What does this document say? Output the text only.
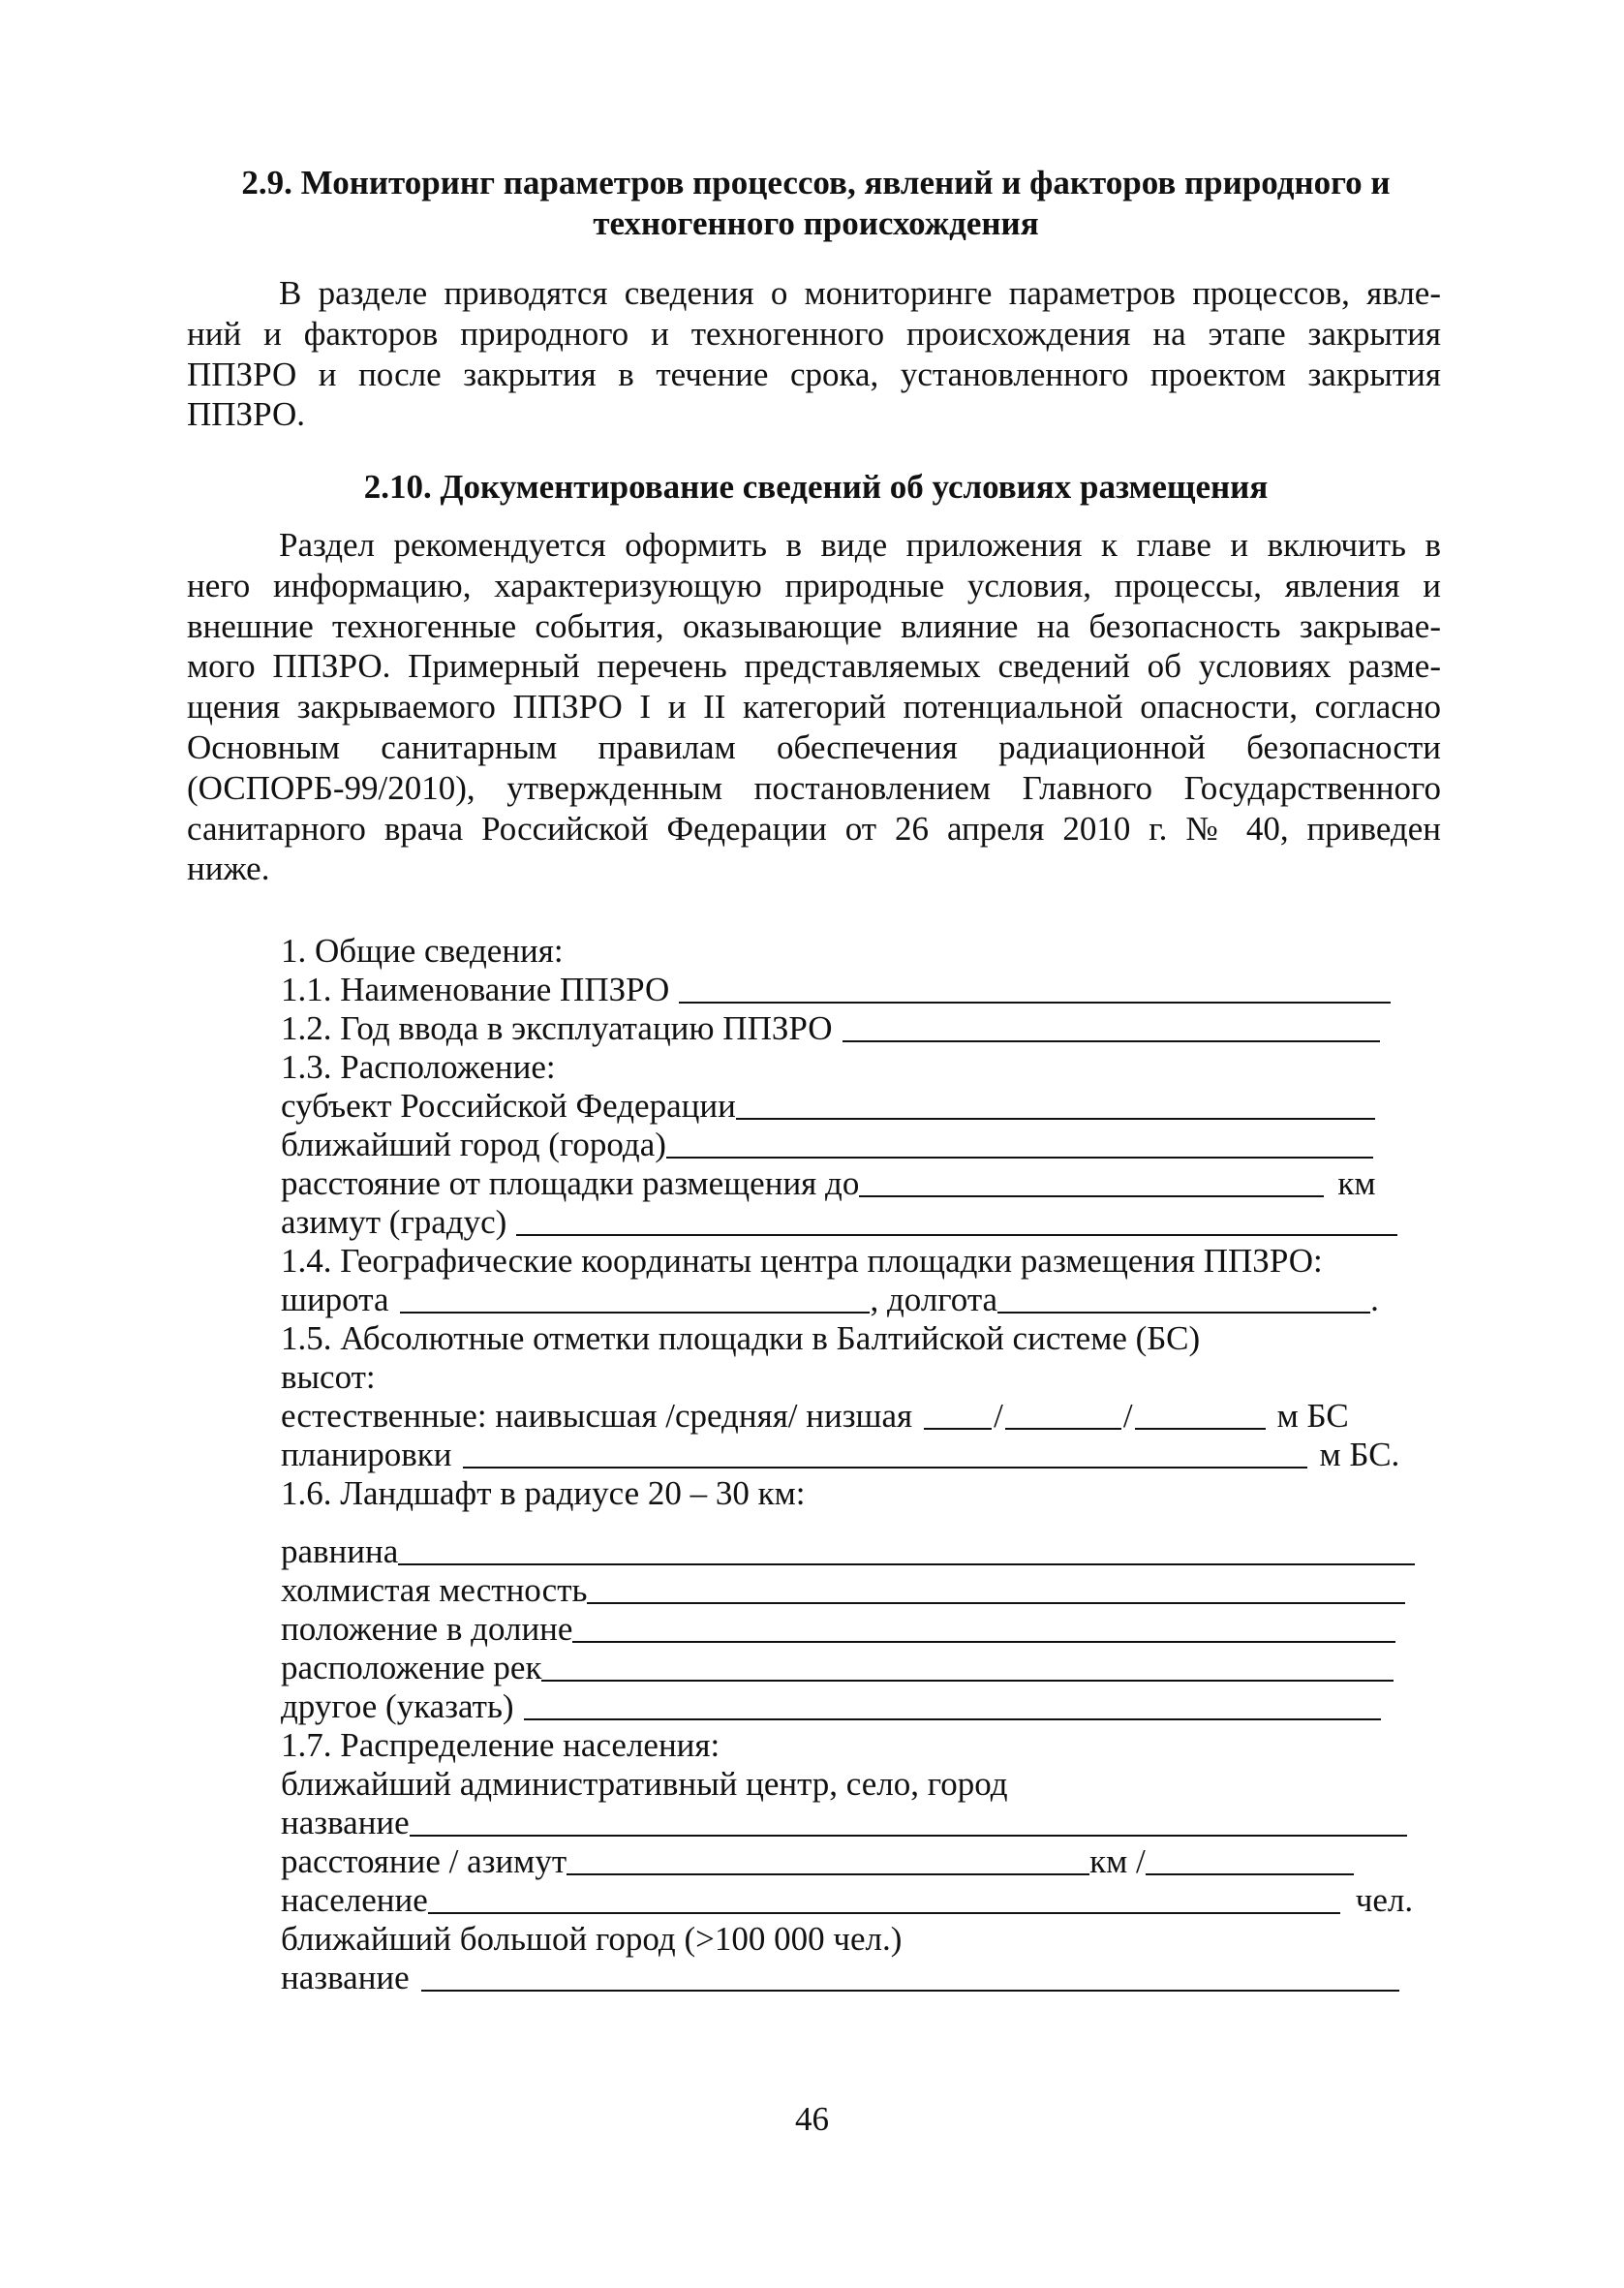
2.9. Мониторинг параметров процессов, явлений и факторов природного и
техногенного происхождения
В разделе приводятся сведения о мониторинге параметров процессов, явле-
ний и факторов природного и техногенного происхождения на этапе закрытия
ППЗРО и после закрытия в течение срока, установленного проектом закрытия
ППЗРО.
2.10. Документирование сведений об условиях размещения
Раздел рекомендуется оформить в виде приложения к главе и включить в
него информацию, характеризующую природные условия, процессы, явления и
внешние техногенные события, оказывающие влияние на безопасность закрывае-
мого ППЗРО. Примерный перечень представляемых сведений об условиях разме-
щения закрываемого ППЗРО I и II категорий потенциальной опасности, согласно
Основным санитарным правилам обеспечения радиационной безопасности
(ОСПОРБ-99/2010), утвержденным постановлением Главного Государственного
санитарного врача Российской Федерации от 26 апреля 2010 г. № 40, приведен
ниже.
1. Общие сведения:
1.1. Наименование ППЗРО
1.2. Год ввода в эксплуатацию ППЗРО
1.3. Расположение:
субъект Российской Федерации
ближайший город (города)
расстояние от площадки размещения до	км
азимут (градус)
1.4. Географические координаты центра площадки размещения ППЗРО:
широта	, долгота	.
1.5. Абсолютные отметки площадки в Балтийской системе (БС)
высот:
естественные: наивысшая /средняя/ низшая /	/	м БС
планировки	м БС.
1.6. Ландшафт в радиусе 20 – 30 км:
равнина
холмистая местность
положение в долине
расположение рек
другое (указать)
1.7. Распределение населения:
ближайший административный центр, село, город
название
расстояние / азимут	км /
население	чел.
ближайший большой город (>100 000 чел.)
название
46
